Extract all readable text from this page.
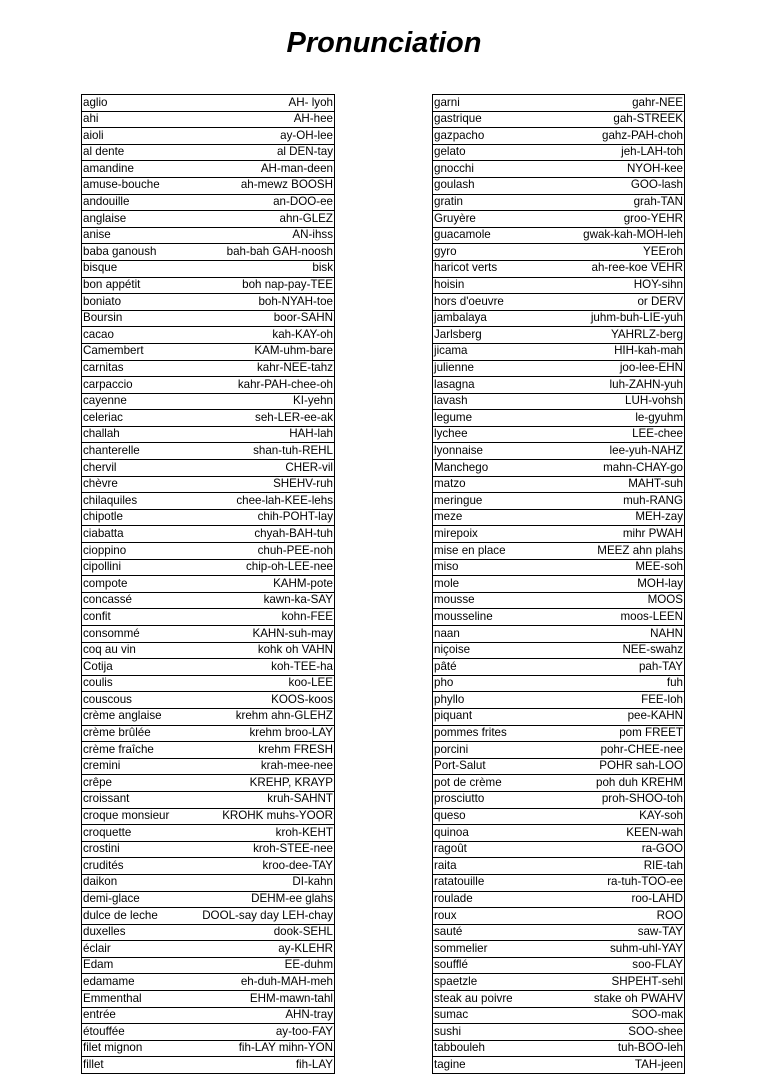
Pronunciation
aglio	AH- lyoh
ahi	AH-hee
aioli	ay-OH-lee
al dente	al DEN-tay
amandine	AH-man-deen
amuse-bouche	ah-mewz BOOSH
andouille	an-DOO-ee
anglaise	ahn-GLEZ
anise	AN-ihss
baba ganoush	bah-bah GAH-noosh
bisque	bisk
bon appétit	boh nap-pay-TEE
boniato	boh-NYAH-toe
Boursin	boor-SAHN
cacao	kah-KAY-oh
Camembert	KAM-uhm-bare
carnitas	kahr-NEE-tahz
carpaccio	kahr-PAH-chee-oh
cayenne	KI-yehn
celeriac	seh-LER-ee-ak
challah	HAH-lah
chanterelle	shan-tuh-REHL
chervil	CHER-vil
chèvre	SHEHV-ruh
chilaquiles	chee-lah-KEE-lehs
chipotle	chih-POHT-lay
ciabatta	chyah-BAH-tuh
cioppino	chuh-PEE-noh
cipollini	chip-oh-LEE-nee
compote	KAHM-pote
concassé	kawn-ka-SAY
confit	kohn-FEE
consommé	KAHN-suh-may
coq au vin	kohk oh VAHN
Cotija	koh-TEE-ha
coulis	koo-LEE
couscous	KOOS-koos
crème anglaise	krehm ahn-GLEHZ
crème brûlée	krehm broo-LAY
crème fraîche	krehm FRESH
cremini	krah-mee-nee
crêpe	KREHP, KRAYP
croissant	kruh-SAHNT
croque monsieur	KROHK muhs-YOOR
croquette	kroh-KEHT
crostini	kroh-STEE-nee
crudités	kroo-dee-TAY
daikon	DI-kahn
demi-glace	DEHM-ee glahs
dulce de leche	DOOL-say day LEH-chay
duxelles	dook-SEHL
éclair	ay-KLEHR
Edam	EE-duhm
edamame	eh-duh-MAH-meh
Emmenthal	EHM-mawn-tahl
entrée	AHN-tray
étouffée	ay-too-FAY
filet mignon	fih-LAY mihn-YON
fillet	fih-LAY
garni	gahr-NEE
gastrique	gah-STREEK
gazpacho	gahz-PAH-choh
gelato	jeh-LAH-toh
gnocchi	NYOH-kee
goulash	GOO-lash
gratin	grah-TAN
Gruyère	groo-YEHR
guacamole	gwak-kah-MOH-leh
gyro	YEEroh
haricot verts	ah-ree-koe VEHR
hoisin	HOY-sihn
hors d'oeuvre	or DERV
jambalaya	juhm-buh-LIE-yuh
Jarlsberg	YAHRLZ-berg
jicama	HIH-kah-mah
julienne	joo-lee-EHN
lasagna	luh-ZAHN-yuh
lavash	LUH-vohsh
legume	le-gyuhm
lychee	LEE-chee
lyonnaise	lee-yuh-NAHZ
Manchego	mahn-CHAY-go
matzo	MAHT-suh
meringue	muh-RANG
meze	MEH-zay
mirepoix	mihr PWAH
mise en place	MEEZ ahn plahs
miso	MEE-soh
mole	MOH-lay
mousse	MOOS
mousseline	moos-LEEN
naan	NAHN
niçoise	NEE-swahz
pâté	pah-TAY
pho	fuh
phyllo	FEE-loh
piquant	pee-KAHN
pommes frites	pom FREET
porcini	pohr-CHEE-nee
Port-Salut	POHR sah-LOO
pot de crème	poh duh KREHM
prosciutto	proh-SHOO-toh
queso	KAY-soh
quinoa	KEEN-wah
ragoût	ra-GOO
raita	RIE-tah
ratatouille	ra-tuh-TOO-ee
roulade	roo-LAHD
roux	ROO
sauté	saw-TAY
sommelier	suhm-uhl-YAY
soufflé	soo-FLAY
spaetzle	SHPEHT-sehl
steak au poivre	stake oh PWAHV
sumac	SOO-mak
sushi	SOO-shee
tabbouleh	tuh-BOO-leh
tagine	TAH-jeen
